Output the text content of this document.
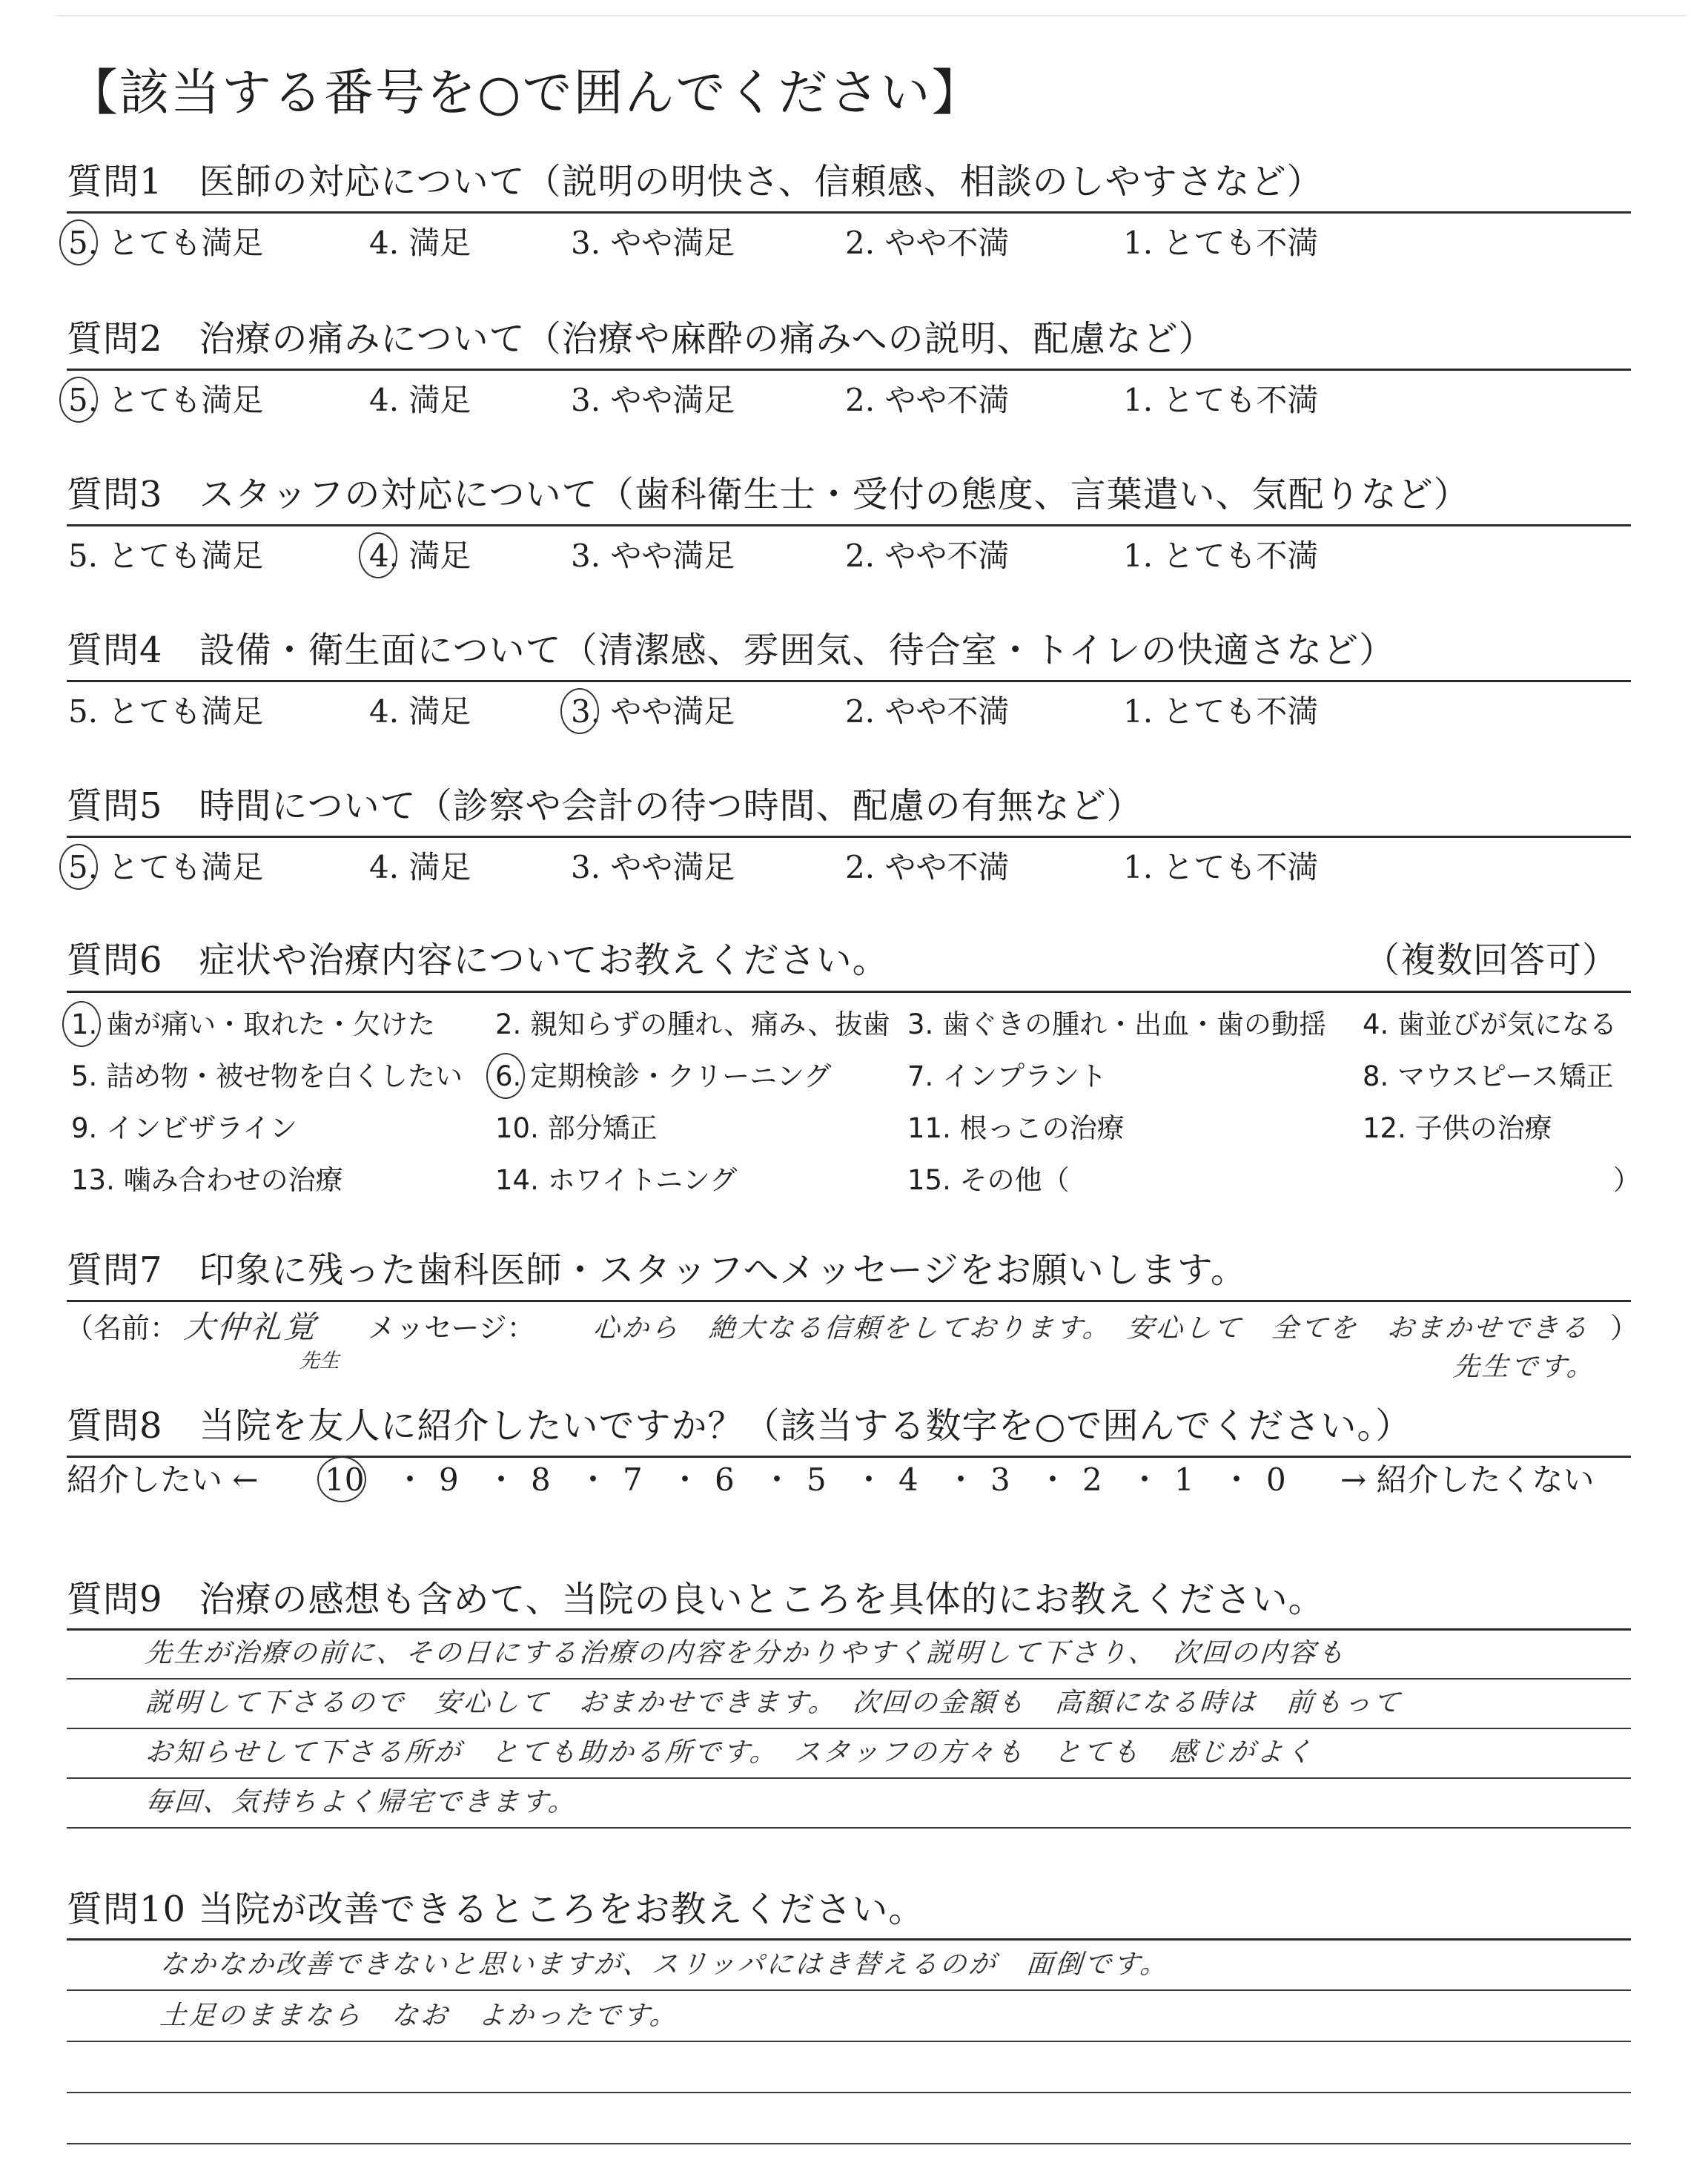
【該当する番号を○で囲んでください】
質問1　医師の対応について（説明の明快さ、信頼感、相談のしやすさなど）
5. とても満足	4. 満足	3. やや満足	2. やや不満	1. とても不満
質問2　治療の痛みについて（治療や麻酔の痛みへの説明、配慮など）
5. とても満足	4. 満足	3. やや満足	2. やや不満	1. とても不満
質問3　スタッフの対応について（歯科衛生士・受付の態度、言葉遣い、気配りなど）
5. とても満足	4. 満足	3. やや満足	2. やや不満	1. とても不満
質問4　設備・衛生面について（清潔感、雰囲気、待合室・トイレの快適さなど）
5. とても満足	4. 満足	3. やや満足	2. やや不満	1. とても不満
質問5　時間について（診察や会計の待つ時間、配慮の有無など）
5. とても満足	4. 満足	3. やや満足	2. やや不満	1. とても不満
質問6　症状や治療内容についてお教えください。	（複数回答可）
1. 歯が痛い・取れた・欠けた 2. 親知らずの腫れ、痛み、抜歯 3. 歯ぐきの腫れ・出血・歯の動揺 4. 歯並びが気になる
5. 詰め物・被せ物を白くしたい 6. 定期検診・クリーニング	7. インプラント	8. マウスピース矯正
9. インビザライン	10. 部分矯正	11. 根っこの治療	12. 子供の治療
13. 噛み合わせの治療	14. ホワイトニング	15. その他（	）
質問7　印象に残った歯科医師・スタッフへメッセージをお願いします。
（名前： 大仲礼覚
先生
メッセージ： 心から　絶大なる信頼をしております。　安心して　全てを　おまかせできる
先生です。
）
質問8　当院を友人に紹介したいですか？（該当する数字を○で囲んでください。）
紹介したい ← 10 ・ 9 ・ 8 ・ 7 ・ 6 ・ 5 ・ 4 ・ 3 ・ 2 ・ 1 ・ 0 → 紹介したくない
質問9　治療の感想も含めて、当院の良いところを具体的にお教えください。
先生が治療の前に、その日にする治療の内容を分かりやすく説明して下さり、　次回の内容も
説明して下さるので　安心して　おまかせできます。　次回の金額も　高額になる時は　前もって
お知らせして下さる所が　とても助かる所です。　スタッフの方々も　とても　感じがよく
毎回、気持ちよく帰宅できます。
質問10 当院が改善できるところをお教えください。
なかなか改善できないと思いますが、スリッパにはき替えるのが　面倒です。
土足のままなら　なお　よかったです。
